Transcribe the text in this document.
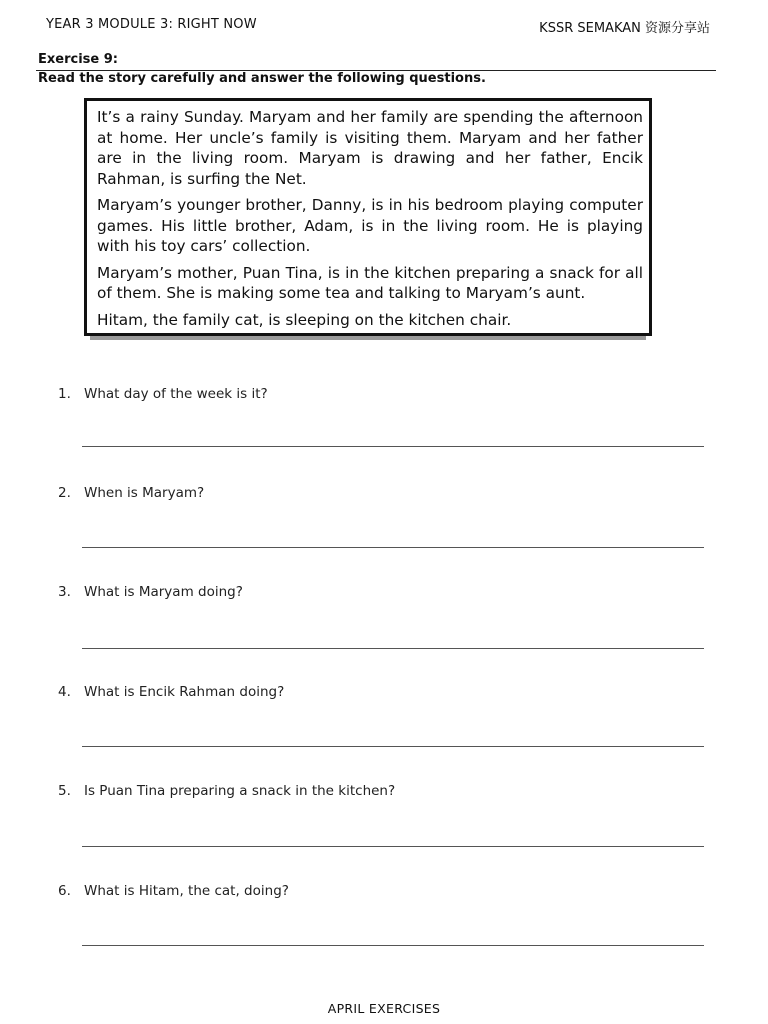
YEAR 3 MODULE 3: RIGHT NOW	KSSR SEMAKAN 资源分享站
Exercise 9:
Read the story carefully and answer the following questions.

It’s a rainy Sunday. Maryam and her family are spending the afternoon at home. Her uncle’s family is visiting them. Maryam and her father are in the living room. Maryam is drawing and her father, Encik Rahman, is surfing the Net.

Maryam’s younger brother, Danny, is in his bedroom playing computer games. His little brother, Adam, is in the living room. He is playing with his toy cars’ collection.

Maryam’s mother, Puan Tina, is in the kitchen preparing a snack for all of them. She is making some tea and talking to Maryam’s aunt.

Hitam, the family cat, is sleeping on the kitchen chair.

1. What day of the week is it?
2. When is Maryam?
3. What is Maryam doing?
4. What is Encik Rahman doing?
5. Is Puan Tina preparing a snack in the kitchen?
6. What is Hitam, the cat, doing?
APRIL EXERCISES
